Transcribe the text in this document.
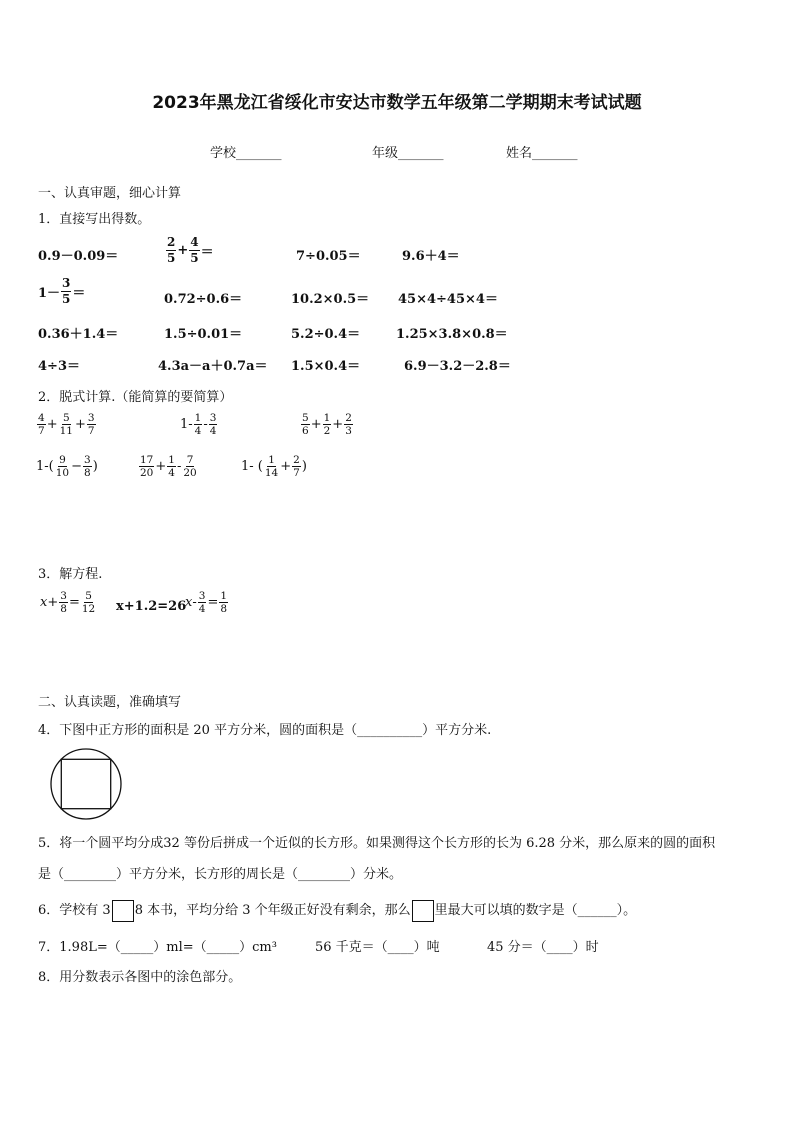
2023年黑龙江省绥化市安达市数学五年级第二学期期末考试试题
学校_______	年级_______	姓名_______
一、认真审题，细心计算
1．直接写出得数。
0.9－0.09＝	$\frac{2}{5} + \frac{4}{5}$ ＝	7÷0.05＝	9.6＋4＝
$1- \frac{3}{5}$ ＝	0.72÷0.6＝	10.2×0.5＝ 45×4÷45×4＝
0.36＋1.4＝	1.5÷0.01＝	5.2÷0.4＝	1.25×3.8×0.8＝
4÷3＝	4.3a－a＋0.7a＝ 1.5×0.4＝	6.9－3.2－2.8＝
2．脱式计算.（能简算的要简算）
$\frac{4}{7} + \frac{5}{11} + \frac{3}{7}$	$1- \frac{1}{4} - \frac{3}{4}$	$\frac{5}{6} + \frac{1}{2} + \frac{2}{3}$
$1-( \frac{9}{10} - \frac{3}{8}$ )	$\frac{17}{20} + \frac{1}{4} - \frac{7}{20}$	1- ( $\frac{1}{14} + \frac{2}{7}$ )
3．解方程.
$x+ \frac{3}{8} = \frac{5}{12} x+1.2=26$
$x- \frac{3}{4} = \frac{1}{8}$
二、认真读题，准确填写
4．下图中正方形的面积是 20 平方分米，圆的面积是（__________）平方分米.
5．将一个圆平均分成32 等份后拼成一个近似的长方形。如果测得这个长方形的长为 6.28 分米，那么原来的圆的面积
是（________）平方分米，长方形的周长是（________）分米。
6．学校有 3 8 本书，平均分给 3 个年级正好没有剩余，那么 里最大可以填的数字是（______）。
7．1.98L=（_____）ml=（_____）cm³	56 千克＝（____）吨	45 分＝（____）时
8．用分数表示各图中的涂色部分。
